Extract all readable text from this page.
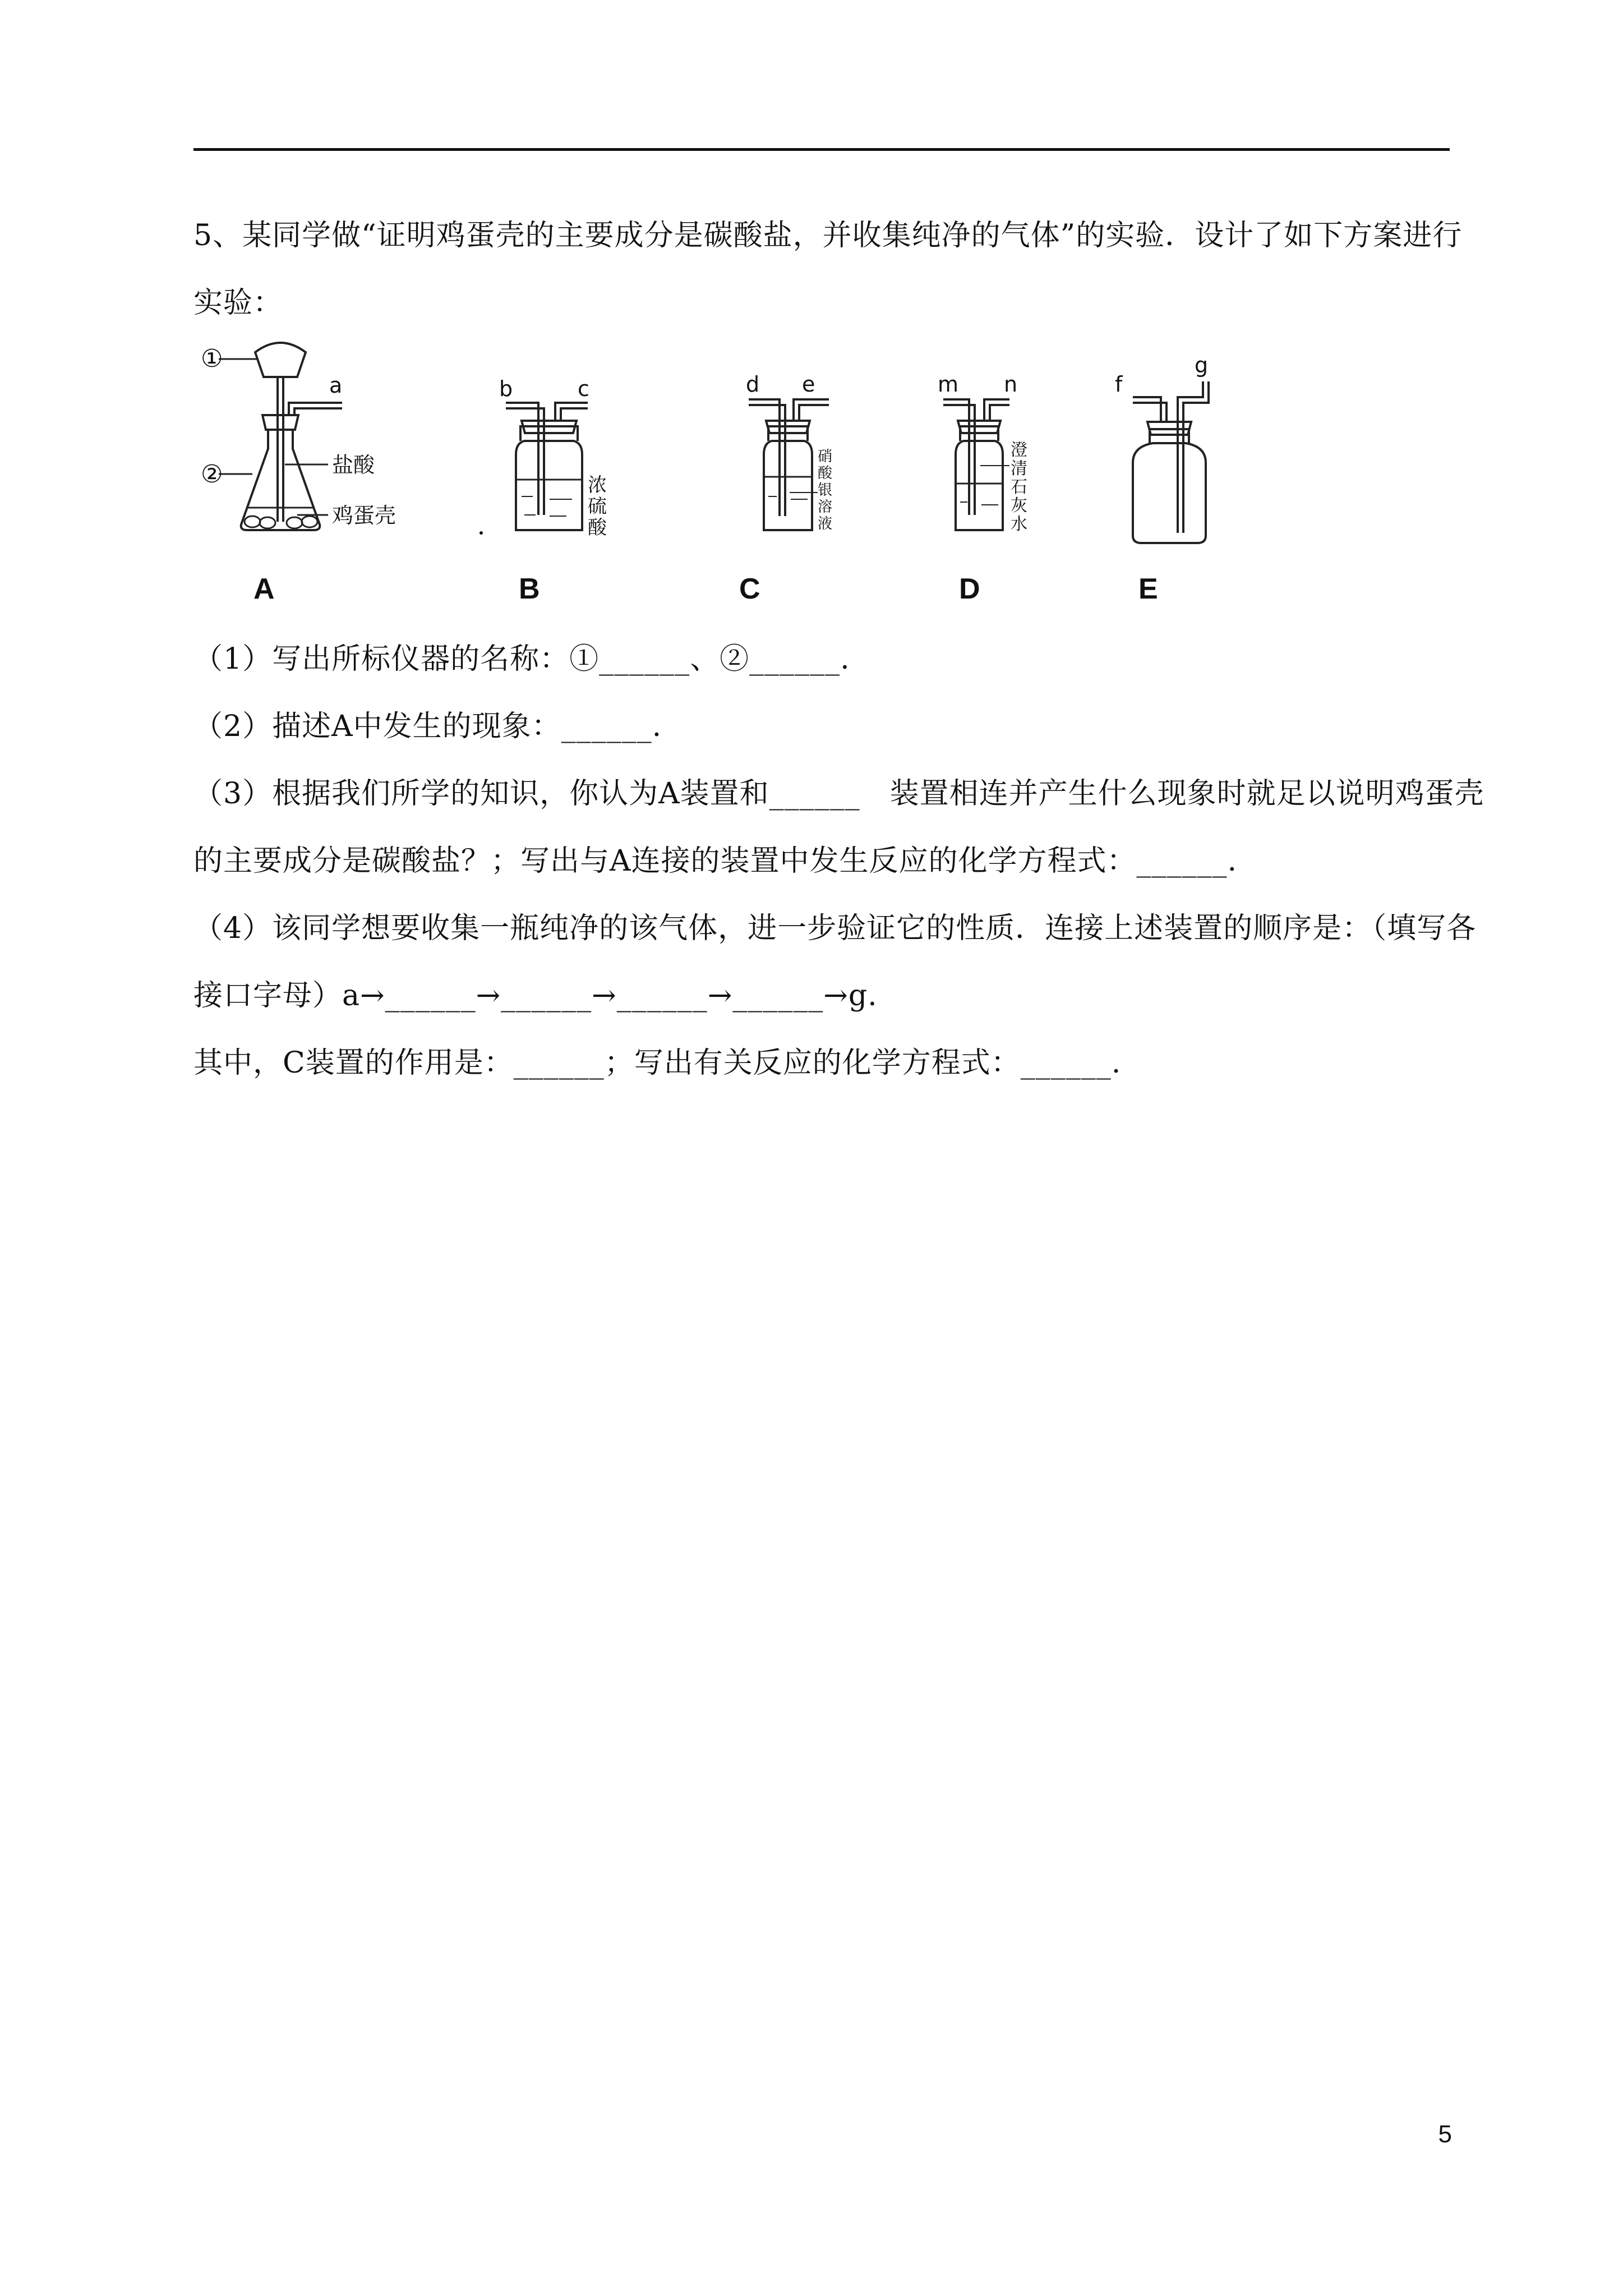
5、某同学做“证明鸡蛋壳的主要成分是碳酸盐，并收集纯净的气体”的实验．设计了如下方案进行
实验：
①
②
a
盐酸
鸡蛋壳
b	c
浓
硫
酸
d e
硝
酸
银
溶
液
m n
澄
清
石
灰
水
f
g
A	B	C	D	E
（1）写出所标仪器的名称：①______、②______.
（2）描述A中发生的现象：______.
（3）根据我们所学的知识，你认为A装置和______　装置相连并产生什么现象时就足以说明鸡蛋壳
的主要成分是碳酸盐？；写出与A连接的装置中发生反应的化学方程式：______.
（4）该同学想要收集一瓶纯净的该气体，进一步验证它的性质．连接上述装置的顺序是：（填写各
接口字母）a→______→______→______→______→g.
其中，C装置的作用是：______；写出有关反应的化学方程式：______.
5
